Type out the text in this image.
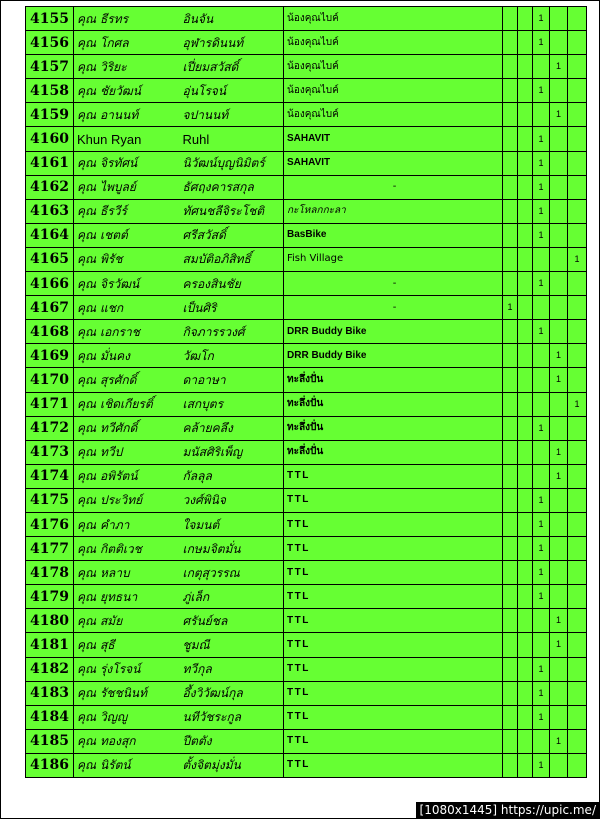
4155	คุณ ธีรทร	อินจัน	น้องคุณไบค์			1		
4156	คุณ โกศล	อุฬารดินนท์	น้องคุณไบค์			1		
4157	คุณ วิริยะ	เปี่ยมสวัสดิ์	น้องคุณไบค์				1	
4158	คุณ ชัยวัฒน์	อุ่นโรจน์	น้องคุณไบค์			1		
4159	คุณ อานนท์	จปานนท์	น้องคุณไบค์				1	
4160	Khun Ryan	Ruhl	SAHAVIT			1		
4161	คุณ จิรทัศน์	นิวัฒน์บุญนิมิตร์	SAHAVIT			1		
4162	คุณ ไพบูลย์	ธัศฤงคารสกุล	-			1		
4163	คุณ ธีรวีร์	ทัศนชลีจิระโชติ	กะโหลกกะลา			1		
4164	คุณ เชตต์	ศรีสวัสดิ์	BasBike			1		
4165	คุณ พิรัช	สมบัติอภิสิทธิ์	Fish Village					1
4166	คุณ จิรวัฒน์	ครองสินชัย	-			1		
4167	คุณ แชก	เป็นศิริ	-	1				
4168	คุณ เอกราช	กิจภารรวงศ์	DRR Buddy Bike			1		
4169	คุณ มั่นคง	วัฒโก	DRR Buddy Bike				1	
4170	คุณ สุรศักดิ์	ดาอาษา	ทะลึ่งปั่น				1	
4171	คุณ เชิดเกียรติ์	เสกบุตร	ทะลึ่งปั่น					1
4172	คุณ ทวีศักดิ์	คล้ายคลึง	ทะลึ่งปั่น			1		
4173	คุณ ทวีป	มนัสศิริเพ็ญ	ทะลึ่งปั่น				1	
4174	คุณ อพิรัตน์	กัลลุล	TTL				1	
4175	คุณ ประวิทย์	วงศ์พินิจ	TTL			1		
4176	คุณ คำภา	ใจมนต์	TTL			1		
4177	คุณ กิตติเวช	เกษมจิตมั่น	TTL			1		
4178	คุณ หลาบ	เกตุสุวรรณ	TTL			1		
4179	คุณ ยุทธนา	ภู่เล็ก	TTL			1		
4180	คุณ สมัย	ศรันย์ชล	TTL				1	
4181	คุณ สุธี	ชูมณี	TTL				1	
4182	คุณ รุ่งโรจน์	ทวีกุล	TTL			1		
4183	คุณ รัชชนินท์	อึ้งวิวัฒน์กุล	TTL			1		
4184	คุณ วิญญู	นทีวัชระกูล	TTL			1		
4185	คุณ ทองสุก	ปีตตัง	TTL				1	
4186	คุณ นิรัตน์	ตั้งจิตมุ่งมั่น	TTL			1		
[1080x1445] https://upic.me/
